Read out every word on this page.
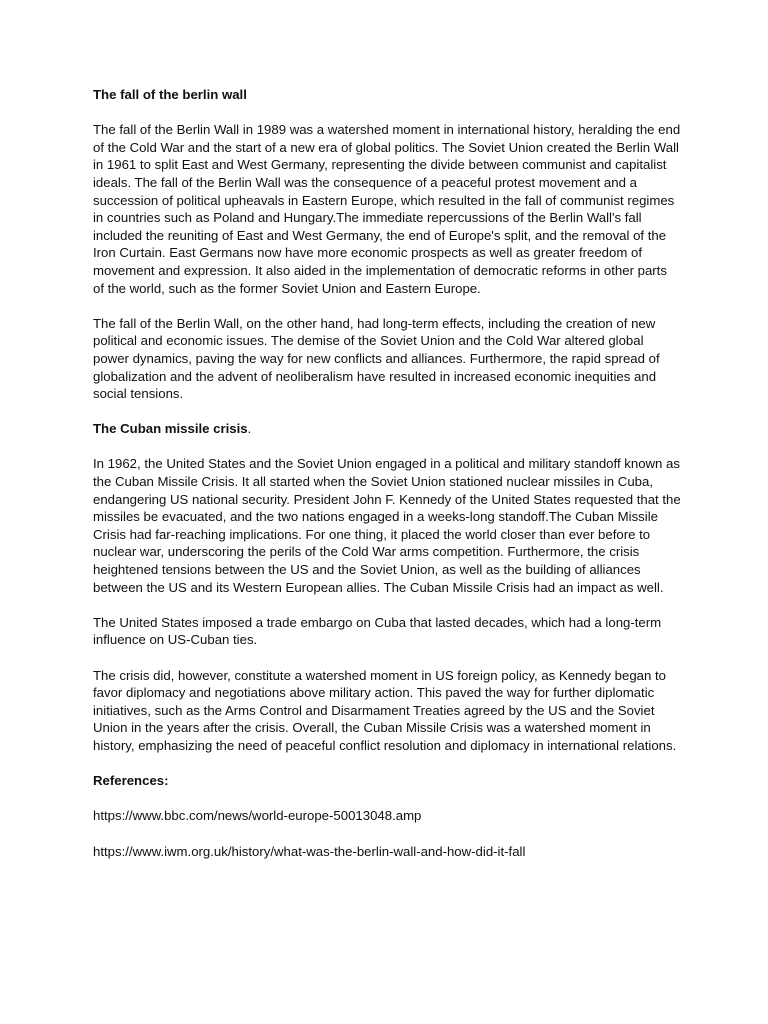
The fall of the berlin wall

The fall of the Berlin Wall in 1989 was a watershed moment in international history, heralding the end of the Cold War and the start of a new era of global politics. The Soviet Union created the Berlin Wall in 1961 to split East and West Germany, representing the divide between communist and capitalist ideals. The fall of the Berlin Wall was the consequence of a peaceful protest movement and a succession of political upheavals in Eastern Europe, which resulted in the fall of communist regimes in countries such as Poland and Hungary.The immediate repercussions of the Berlin Wall's fall included the reuniting of East and West Germany, the end of Europe's split, and the removal of the Iron Curtain. East Germans now have more economic prospects as well as greater freedom of movement and expression. It also aided in the implementation of democratic reforms in other parts of the world, such as the former Soviet Union and Eastern Europe.

The fall of the Berlin Wall, on the other hand, had long-term effects, including the creation of new political and economic issues. The demise of the Soviet Union and the Cold War altered global power dynamics, paving the way for new conflicts and alliances. Furthermore, the rapid spread of globalization and the advent of neoliberalism have resulted in increased economic inequities and social tensions.

The Cuban missile crisis.

In 1962, the United States and the Soviet Union engaged in a political and military standoff known as the Cuban Missile Crisis. It all started when the Soviet Union stationed nuclear missiles in Cuba, endangering US national security. President John F. Kennedy of the United States requested that the missiles be evacuated, and the two nations engaged in a weeks-long standoff.The Cuban Missile Crisis had far-reaching implications. For one thing, it placed the world closer than ever before to nuclear war, underscoring the perils of the Cold War arms competition. Furthermore, the crisis heightened tensions between the US and the Soviet Union, as well as the building of alliances between the US and its Western European allies. The Cuban Missile Crisis had an impact as well.

The United States imposed a trade embargo on Cuba that lasted decades, which had a long-term influence on US-Cuban ties.

The crisis did, however, constitute a watershed moment in US foreign policy, as Kennedy began to favor diplomacy and negotiations above military action. This paved the way for further diplomatic initiatives, such as the Arms Control and Disarmament Treaties agreed by the US and the Soviet Union in the years after the crisis. Overall, the Cuban Missile Crisis was a watershed moment in history, emphasizing the need of peaceful conflict resolution and diplomacy in international relations.

References:

https://www.bbc.com/news/world-europe-50013048.amp

https://www.iwm.org.uk/history/what-was-the-berlin-wall-and-how-did-it-fall
